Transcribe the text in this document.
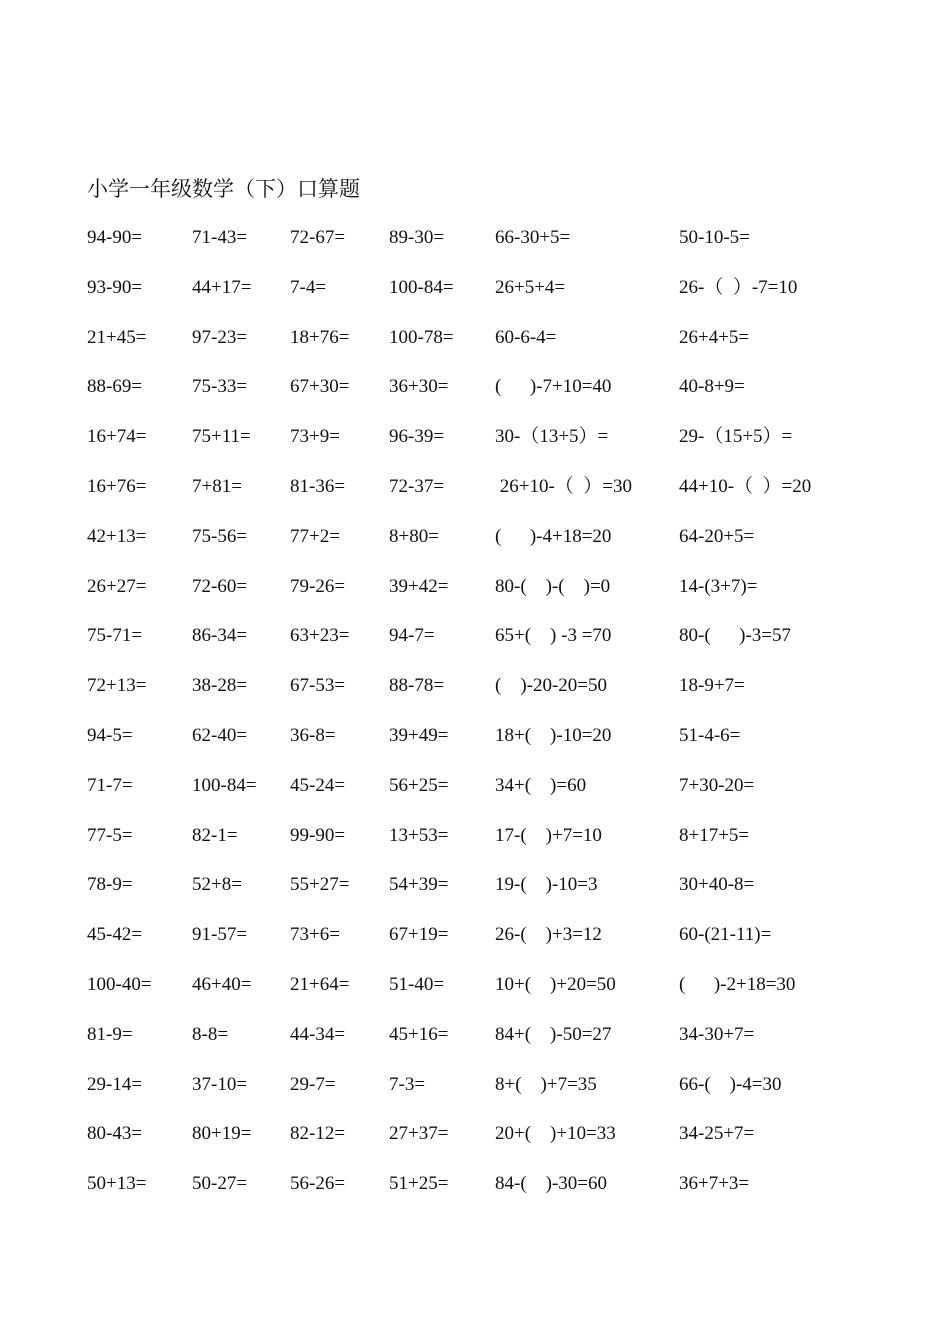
小学一年级数学（下）口算题
94-90=	71-43= 72-67= 89-30=	66-30+5=	50-10-5=
93-90=	44+17= 7-4=	100-84= 26+5+4=	26-（  ）-7=10
21+45= 97-23= 18+76= 100-78= 60-6-4=	26+4+5=
88-69=	75-33= 67+30= 36+30= (      )-7+10=40	40-8+9=
16+74= 75+11= 73+9=	96-39=	30-（13+5）=	29-（15+5）=
16+76= 7+81=	81-36= 72-37=	26+10-（  ）=30 44+10-（  ）=20
42+13= 75-56= 77+2=	8+80=	(      )-4+18=20	64-20+5=
26+27= 72-60= 79-26= 39+42= 80-(    )-(    )=0	14-(3+7)=
75-71=	86-34= 63+23= 94-7=	65+(    ) -3 =70	80-(      )-3=57
72+13= 38-28= 67-53= 88-78=	(    )-20-20=50	18-9+7=
94-5=	62-40= 36-8=	39+49= 18+(    )-10=20	51-4-6=
71-7=	100-84= 45-24= 56+25= 34+(    )=60	7+30-20=
77-5=	82-1=	99-90= 13+53= 17-(    )+7=10	8+17+5=
78-9=	52+8=	55+27= 54+39= 19-(    )-10=3	30+40-8=
45-42=	91-57= 73+6=	67+19= 26-(    )+3=12	60-(21-11)=
100-40= 46+40= 21+64= 51-40=	10+(    )+20=50	(      )-2+18=30
81-9=	8-8=	44-34= 45+16= 84+(    )-50=27	34-30+7=
29-14=	37-10= 29-7=	7-3=	8+(    )+7=35	66-(    )-4=30
80-43=	80+19= 82-12= 27+37= 20+(    )+10=33	34-25+7=
50+13= 50-27= 56-26= 51+25= 84-(    )-30=60	36+7+3=
